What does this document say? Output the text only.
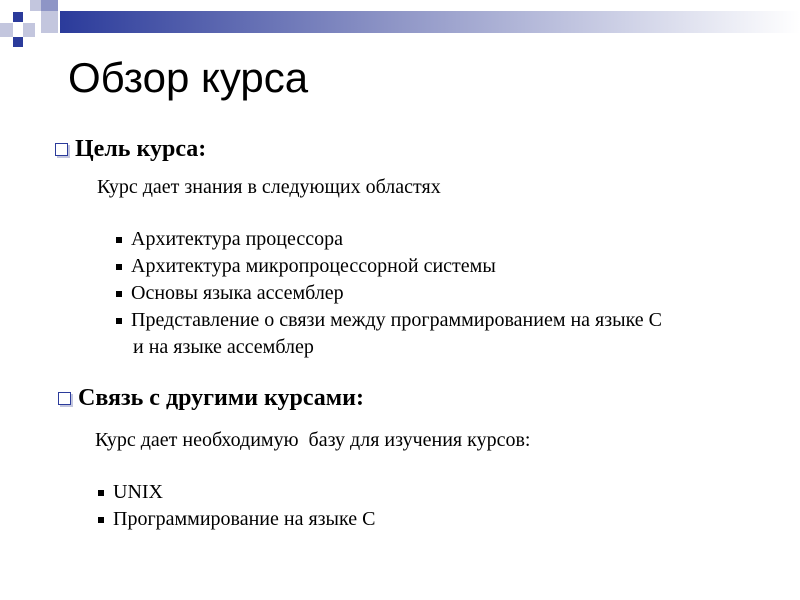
Обзор курса
Цель курса:
Курс дает знания в следующих областях
Архитектура процессора
Архитектура микропроцессорной системы
Основы языка ассемблер
Представление о связи между программированием на языке С
и на языке ассемблер
Связь с другими курсами:
Курс дает необходимую  базу для изучения курсов:
UNIX
Программирование на языке С
